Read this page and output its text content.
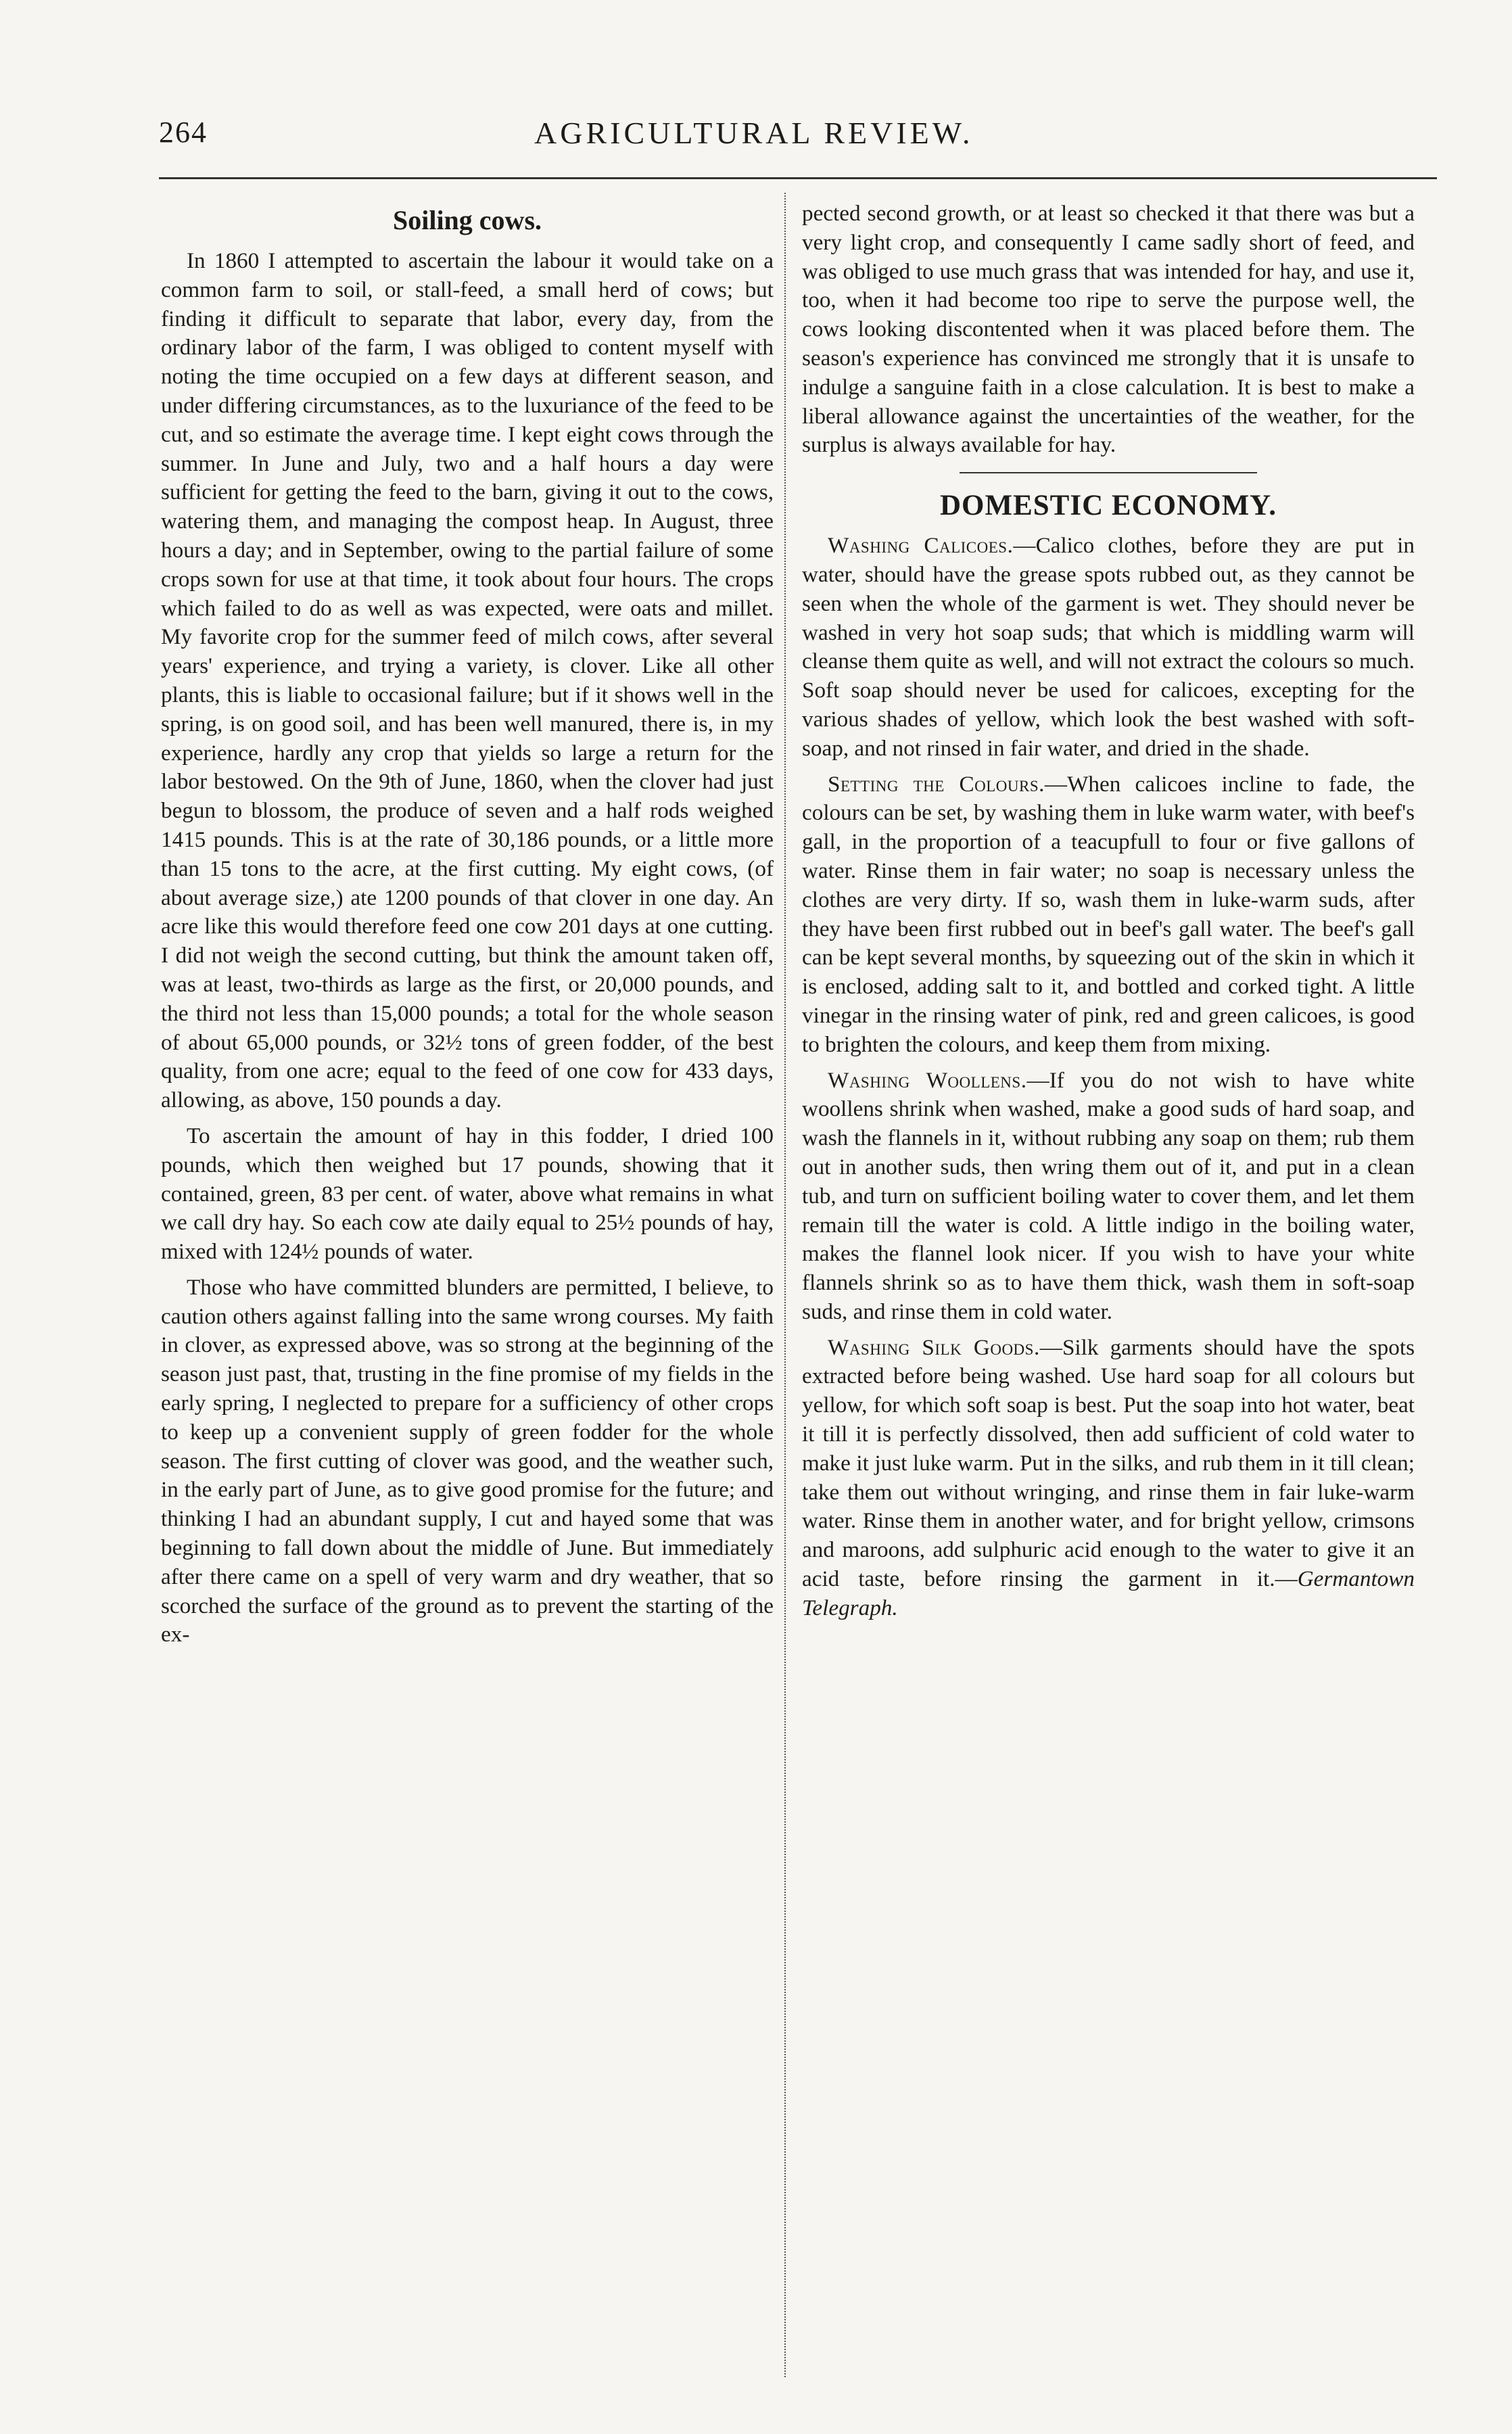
264	AGRICULTURAL REVIEW.
Soiling cows.

In 1860 I attempted to ascertain the labour it would take on a common farm to soil, or stall-feed, a small herd of cows; but finding it difficult to separate that labor, every day, from the ordinary labor of the farm, I was obliged to content myself with noting the time occupied on a few days at different season, and under differing circumstances, as to the luxuriance of the feed to be cut, and so estimate the average time. I kept eight cows through the summer. In June and July, two and a half hours a day were sufficient for getting the feed to the barn, giving it out to the cows, watering them, and managing the compost heap. In August, three hours a day; and in September, owing to the partial failure of some crops sown for use at that time, it took about four hours. The crops which failed to do as well as was expected, were oats and millet. My favorite crop for the summer feed of milch cows, after several years' experience, and trying a variety, is clover. Like all other plants, this is liable to occasional failure; but if it shows well in the spring, is on good soil, and has been well manured, there is, in my experience, hardly any crop that yields so large a return for the labor bestowed. On the 9th of June, 1860, when the clover had just begun to blossom, the produce of seven and a half rods weighed 1415 pounds. This is at the rate of 30,186 pounds, or a little more than 15 tons to the acre, at the first cutting. My eight cows, (of about average size,) ate 1200 pounds of that clover in one day. An acre like this would therefore feed one cow 201 days at one cutting. I did not weigh the second cutting, but think the amount taken off, was at least, two-thirds as large as the first, or 20,000 pounds, and the third not less than 15,000 pounds; a total for the whole season of about 65,000 pounds, or 32½ tons of green fodder, of the best quality, from one acre; equal to the feed of one cow for 433 days, allowing, as above, 150 pounds a day.

To ascertain the amount of hay in this fodder, I dried 100 pounds, which then weighed but 17 pounds, showing that it contained, green, 83 per cent. of water, above what remains in what we call dry hay. So each cow ate daily equal to 25½ pounds of hay, mixed with 124½ pounds of water.

Those who have committed blunders are permitted, I believe, to caution others against falling into the same wrong courses. My faith in clover, as expressed above, was so strong at the beginning of the season just past, that, trusting in the fine promise of my fields in the early spring, I neglected to prepare for a sufficiency of other crops to keep up a convenient supply of green fodder for the whole season. The first cutting of clover was good, and the weather such, in the early part of June, as to give good promise for the future; and thinking I had an abundant supply, I cut and hayed some that was beginning to fall down about the middle of June. But immediately after there came on a spell of very warm and dry weather, that so scorched the surface of the ground as to prevent the starting of the ex-

pected second growth, or at least so checked it that there was but a very light crop, and consequently I came sadly short of feed, and was obliged to use much grass that was intended for hay, and use it, too, when it had become too ripe to serve the purpose well, the cows looking discontented when it was placed before them. The season's experience has convinced me strongly that it is unsafe to indulge a sanguine faith in a close calculation. It is best to make a liberal allowance against the uncertainties of the weather, for the surplus is always available for hay.

DOMESTIC ECONOMY.

Washing Calicoes.—Calico clothes, before they are put in water, should have the grease spots rubbed out, as they cannot be seen when the whole of the garment is wet. They should never be washed in very hot soap suds; that which is middling warm will cleanse them quite as well, and will not extract the colours so much. Soft soap should never be used for calicoes, excepting for the various shades of yellow, which look the best washed with soft-soap, and not rinsed in fair water, and dried in the shade.

Setting the Colours.—When calicoes incline to fade, the colours can be set, by washing them in luke warm water, with beef's gall, in the proportion of a teacupfull to four or five gallons of water. Rinse them in fair water; no soap is necessary unless the clothes are very dirty. If so, wash them in luke-warm suds, after they have been first rubbed out in beef's gall water. The beef's gall can be kept several months, by squeezing out of the skin in which it is enclosed, adding salt to it, and bottled and corked tight. A little vinegar in the rinsing water of pink, red and green calicoes, is good to brighten the colours, and keep them from mixing.

Washing Woollens.—If you do not wish to have white woollens shrink when washed, make a good suds of hard soap, and wash the flannels in it, without rubbing any soap on them; rub them out in another suds, then wring them out of it, and put in a clean tub, and turn on sufficient boiling water to cover them, and let them remain till the water is cold. A little indigo in the boiling water, makes the flannel look nicer. If you wish to have your white flannels shrink so as to have them thick, wash them in soft-soap suds, and rinse them in cold water.

Washing Silk Goods.—Silk garments should have the spots extracted before being washed. Use hard soap for all colours but yellow, for which soft soap is best. Put the soap into hot water, beat it till it is perfectly dissolved, then add sufficient of cold water to make it just luke warm. Put in the silks, and rub them in it till clean; take them out without wringing, and rinse them in fair luke-warm water. Rinse them in another water, and for bright yellow, crimsons and maroons, add sulphuric acid enough to the water to give it an acid taste, before rinsing the garment in it.—Germantown Telegraph.
